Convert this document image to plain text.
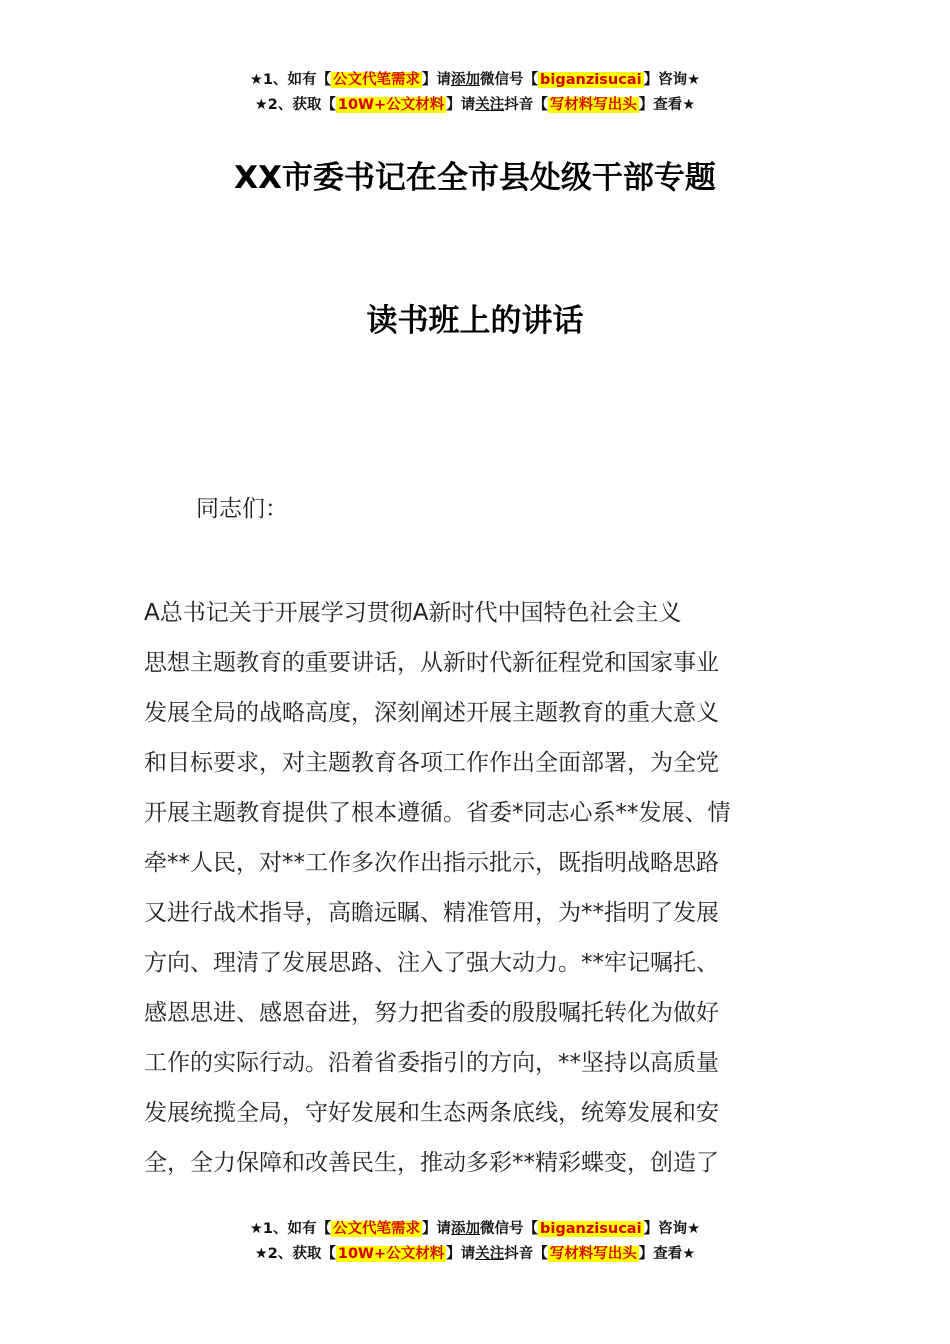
★1、如有【 公文代笔需求 】请添加微信号【 biganzisucai 】咨询★
★2、获取【 10W+公文材料 】请关注抖音【 写材料写出头 】查看★
XX市委书记在全市县处级干部专题
读书班上的讲话
同志们：
A总书记关于开展学习贯彻A新时代中国特色社会主义
思想主题教育的重要讲话，从新时代新征程党和国家事业
发展全局的战略高度，深刻阐述开展主题教育的重大意义
和目标要求，对主题教育各项工作作出全面部署，为全党
开展主题教育提供了根本遵循。省委*同志心系**发展、情
牵**人民，对**工作多次作出指示批示，既指明战略思路
又进行战术指导，高瞻远瞩、精准管用，为**指明了发展
方向、理清了发展思路、注入了强大动力。**牢记嘱托、
感恩思进、感恩奋进，努力把省委的殷殷嘱托转化为做好
工作的实际行动。沿着省委指引的方向，**坚持以高质量
发展统揽全局，守好发展和生态两条底线，统筹发展和安
全，全力保障和改善民生，推动多彩**精彩蝶变，创造了
★1、如有【 公文代笔需求 】请添加微信号【 biganzisucai 】咨询★
★2、获取【 10W+公文材料 】请关注抖音【 写材料写出头 】查看★
